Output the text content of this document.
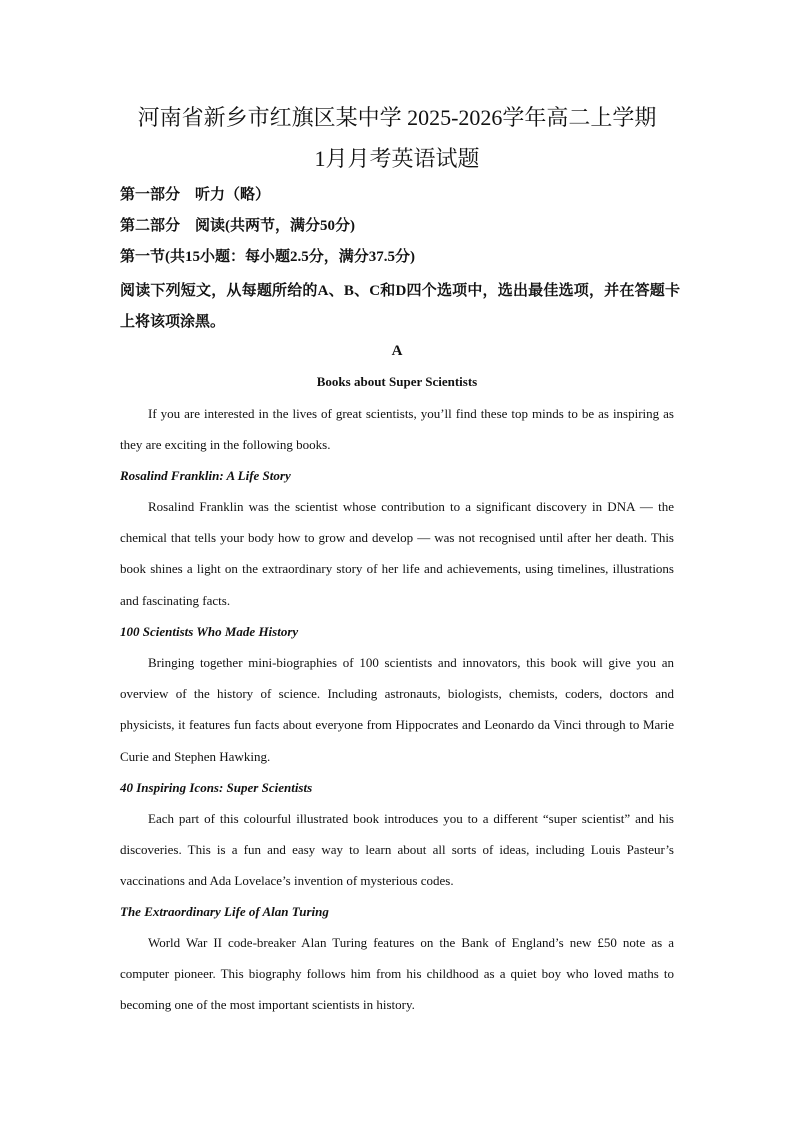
河南省新乡市红旗区某中学 2025-2026学年高二上学期
1月月考英语试题

第一部分　听力（略）

第二部分　阅读(共两节，满分50分)

第一节(共15小题：每小题2.5分，满分37.5分)

阅读下列短文，从每题所给的A、B、C和D四个选项中，选出最佳选项，并在答题卡上将该项涂黑。

A

Books about Super Scientists

If you are interested in the lives of great scientists, you’ll find these top minds to be as inspiring as they are exciting in the following books.

Rosalind Franklin: A Life Story

Rosalind Franklin was the scientist whose contribution to a significant discovery in DNA — the chemical that tells your body how to grow and develop — was not recognised until after her death. This book shines a light on the extraordinary story of her life and achievements, using timelines, illustrations and fascinating facts.

100 Scientists Who Made History

Bringing together mini-biographies of 100 scientists and innovators, this book will give you an overview of the history of science. Including astronauts, biologists, chemists, coders, doctors and physicists, it features fun facts about everyone from Hippocrates and Leonardo da Vinci through to Marie Curie and Stephen Hawking.

40 Inspiring Icons: Super Scientists

Each part of this colourful illustrated book introduces you to a different “super scientist” and his discoveries. This is a fun and easy way to learn about all sorts of ideas, including Louis Pasteur’s vaccinations and Ada Lovelace’s invention of mysterious codes.

The Extraordinary Life of Alan Turing

World War II code-breaker Alan Turing features on the Bank of England’s new £50 note as a computer pioneer. This biography follows him from his childhood as a quiet boy who loved maths to becoming one of the most important scientists in history.
